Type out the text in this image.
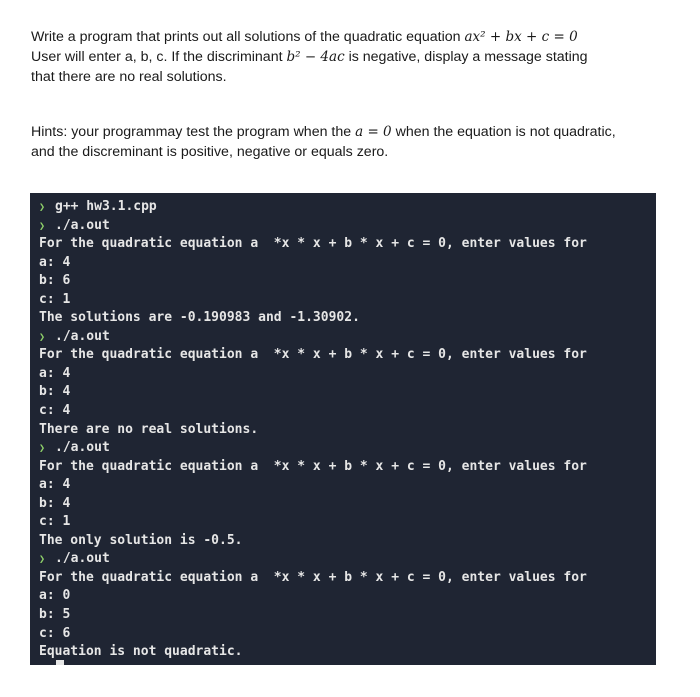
Write a program that prints out all solutions of the quadratic equation ax² + bx + c = 0
User will enter a, b, c. If the discriminant b² − 4ac is negative, display a message stating
that there are no real solutions.
Hints: your programmay test the program when the a = 0 when the equation is not quadratic,
and the discreminant is positive, negative or equals zero.
❯ g++ hw3.1.cpp
❯ ./a.out
For the quadratic equation a  *x * x + b * x + c = 0, enter values for
a: 4
b: 6
c: 1
The solutions are -0.190983 and -1.30902.
❯ ./a.out
For the quadratic equation a  *x * x + b * x + c = 0, enter values for
a: 4
b: 4
c: 4
There are no real solutions.
❯ ./a.out
For the quadratic equation a  *x * x + b * x + c = 0, enter values for
a: 4
b: 4
c: 1
The only solution is -0.5.
❯ ./a.out
For the quadratic equation a  *x * x + b * x + c = 0, enter values for
a: 0
b: 5
c: 6
Equation is not quadratic.
